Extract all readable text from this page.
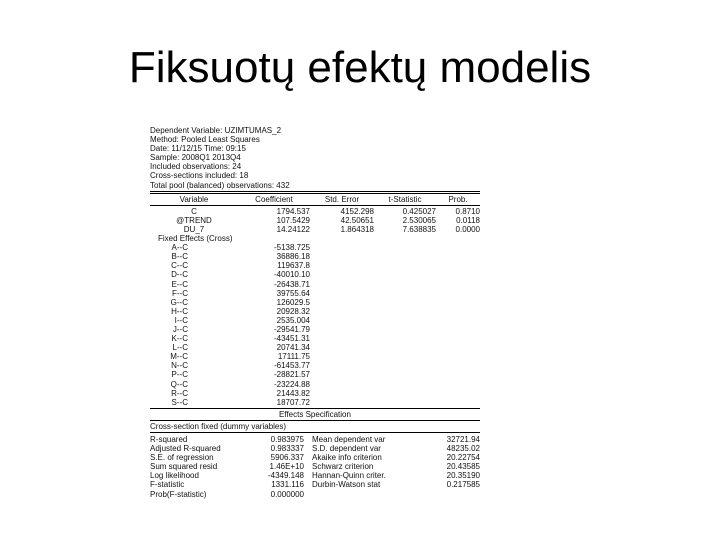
Fiksuotų efektų modelis
Dependent Variable: UZIMTUMAS_2
Method: Pooled Least Squares
Date: 11/12/15 Time: 09:15
Sample: 2008Q1 2013Q4
Included observations: 24
Cross-sections included: 18
Total pool (balanced) observations: 432
Variable	Coefficient	Std. Error	t-Statistic	Prob.
C	1794.537	4152.298	0.425027	0.8710
@TREND	107.5429	42.50651	2.530065	0.0118
DU_7	14.24122	1.864318	7.638835	0.0000
Fixed Effects (Cross)
A--C	-5138.725
B--C	36886.18
C--C	119637.8
D--C	-40010.10
E--C	-26438.71
F--C	39755.64
G--C	126029.5
H--C	20928.32
I--C	2535.004
J--C	-29541.79
K--C	-43451.31
L--C	20741.34
M--C	17111.75
N--C	-61453.77
P--C	-28821.57
Q--C	-23224.88
R--C	21443.82
S--C	18707.72
Effects Specification
Cross-section fixed (dummy variables)
R-squared	0.983975	Mean dependent var	32721.94
Adjusted R-squared	0.983337	S.D. dependent var	48235.02
S.E. of regression	5906.337	Akaike info criterion	20.22754
Sum squared resid	1.46E+10	Schwarz criterion	20.43585
Log likelihood	-4349.148	Hannan-Quinn criter.	20.35190
F-statistic	1331.116	Durbin-Watson stat	0.217585
Prob(F-statistic)	0.000000
